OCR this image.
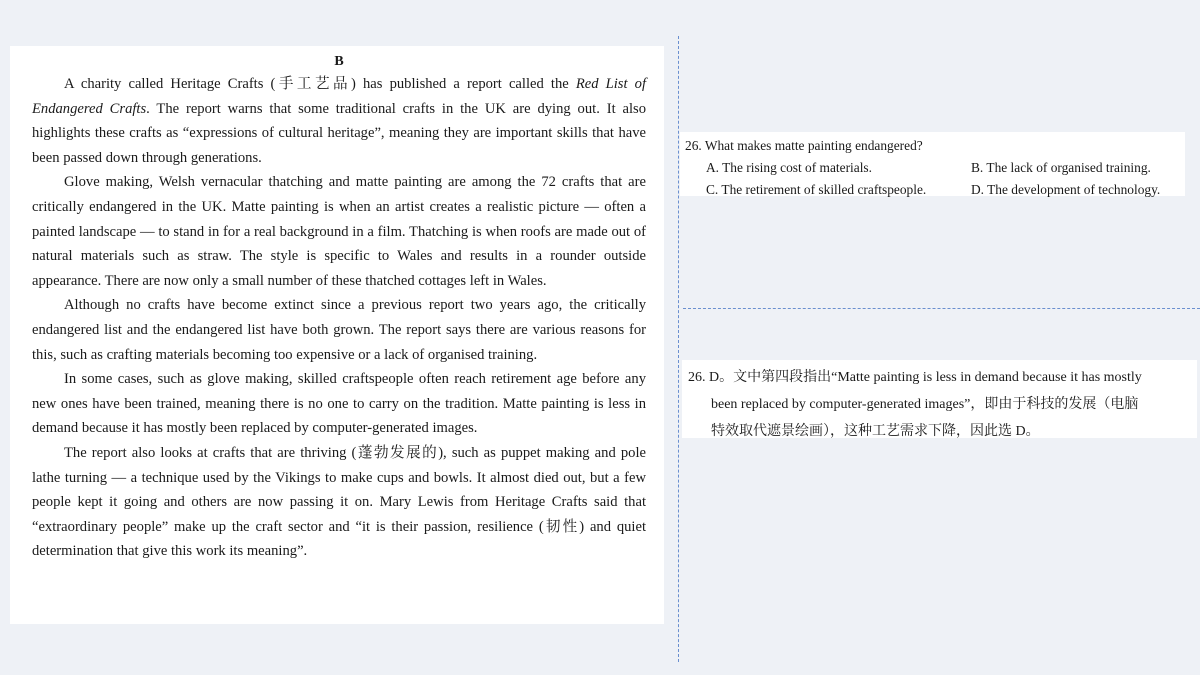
B

A charity called Heritage Crafts (手工艺品) has published a report called the Red List of Endangered Crafts. The report warns that some traditional crafts in the UK are dying out. It also highlights these crafts as “expressions of cultural heritage”, meaning they are important skills that have been passed down through generations.

Glove making, Welsh vernacular thatching and matte painting are among the 72 crafts that are critically endangered in the UK. Matte painting is when an artist creates a realistic picture — often a painted landscape — to stand in for a real background in a film. Thatching is when roofs are made out of natural materials such as straw. The style is specific to Wales and results in a rounder outside appearance. There are now only a small number of these thatched cottages left in Wales.

Although no crafts have become extinct since a previous report two years ago, the critically endangered list and the endangered list have both grown. The report says there are various reasons for this, such as crafting materials becoming too expensive or a lack of organised training.

In some cases, such as glove making, skilled craftspeople often reach retirement age before any new ones have been trained, meaning there is no one to carry on the tradition. Matte painting is less in demand because it has mostly been replaced by computer-generated images.

The report also looks at crafts that are thriving (蓬勃发展的), such as puppet making and pole lathe turning — a technique used by the Vikings to make cups and bowls. It almost died out, but a few people kept it going and others are now passing it on. Mary Lewis from Heritage Crafts said that “extraordinary people” make up the craft sector and “it is their passion, resilience (韧性) and quiet determination that give this work its meaning”.

26. What makes matte painting endangered?
A. The rising cost of materials.	B. The lack of organised training.
C. The retirement of skilled craftspeople.	D. The development of technology.
26. D。文中第四段指出“Matte painting is less in demand because it has mostly
been replaced by computer-generated images”，即由于科技的发展（电脑
特效取代遮景绘画），这种工艺需求下降，因此选 D。
